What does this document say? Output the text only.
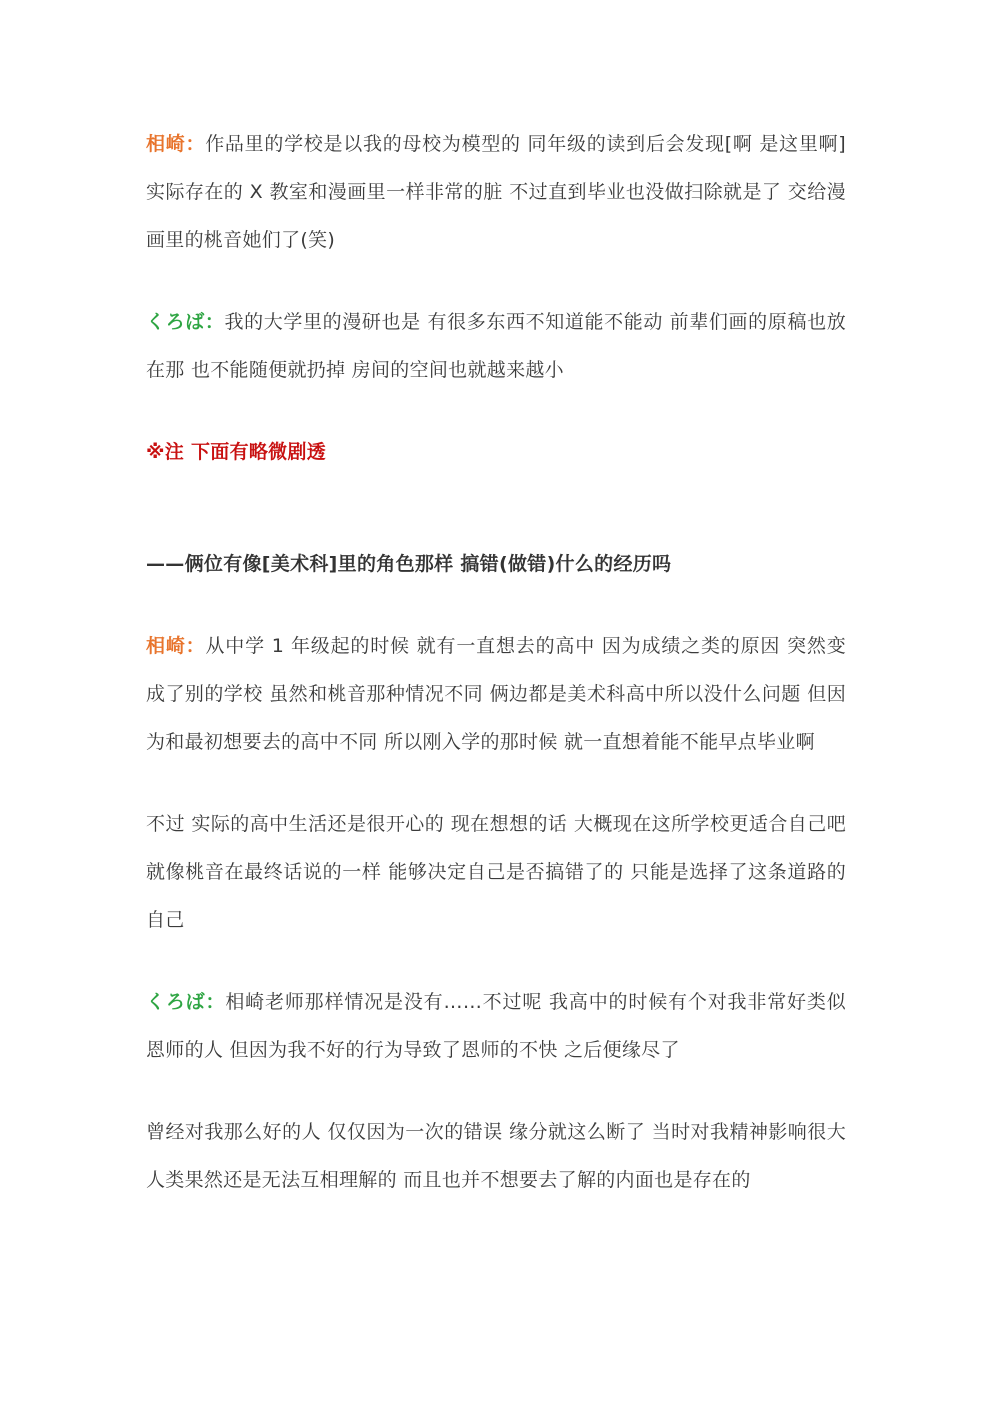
相崎：作品里的学校是以我的母校为模型的 同年级的读到后会发现[啊 是这里啊] 实际存在的 X 教室和漫画里一样非常的脏 不过直到毕业也没做扫除就是了 交给漫画里的桃音她们了(笑)

くろば：我的大学里的漫研也是 有很多东西不知道能不能动 前辈们画的原稿也放在那 也不能随便就扔掉 房间的空间也就越来越小

※注 下面有略微剧透

——俩位有像[美术科]里的角色那样 搞错(做错)什么的经历吗

相崎：从中学 1 年级起的时候 就有一直想去的高中 因为成绩之类的原因 突然变成了别的学校 虽然和桃音那种情况不同 俩边都是美术科高中所以没什么问题 但因为和最初想要去的高中不同 所以刚入学的那时候 就一直想着能不能早点毕业啊

不过 实际的高中生活还是很开心的 现在想想的话 大概现在这所学校更适合自己吧 就像桃音在最终话说的一样 能够决定自己是否搞错了的 只能是选择了这条道路的自己

くろば：相崎老师那样情况是没有……不过呢 我高中的时候有个对我非常好类似恩师的人 但因为我不好的行为导致了恩师的不快 之后便缘尽了

曾经对我那么好的人 仅仅因为一次的错误 缘分就这么断了 当时对我精神影响很大 人类果然还是无法互相理解的 而且也并不想要去了解的内面也是存在的
